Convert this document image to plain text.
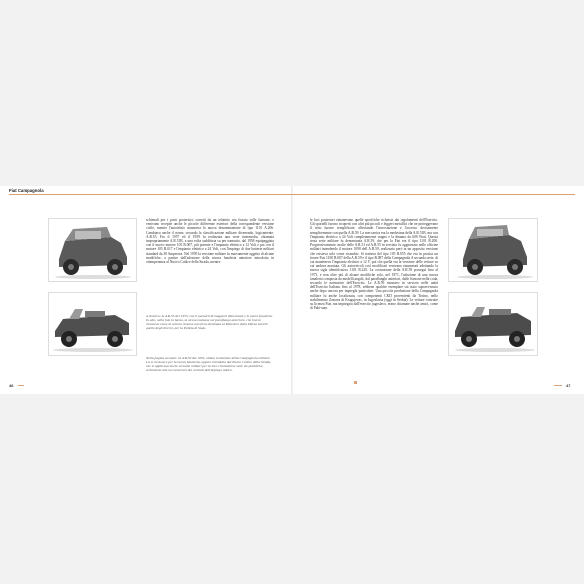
Fiat Campagnola

schienali per i posti posteriori; sorretti da un telaietto ora fissato sulle fiancate, e venivano recepite anche le piccole differenze esteriori della corrispondente versione civile, mentre l'autotelaio assumeva la nuova denominazione di tipo 1101 A.206. Cambiava anche il nome, secondo la classificazione militare divenendo, logicamente, A.R.55. Fra il 1957 ed il 1959 fu realizzata una serie intermedia, chiamata impropriamente A.R.51B, a una volta sudditizia su per tramutto, dal 1958 equipaggiata con il nuovo motore 105 B.007, più potente e l'impianto elettrico a 12 Volt e poi con il motore 105 B.017 e l'impianto elettrico a 24 Volt, con l'impiego di due batterie militari standard da 38 Amperora. Nel 1959 la versione militare fu nuovamente oggetto di alcune modifiche, a partire dall'adozione della nuova fanaleria anteriore introdotta in ottemperanza al Nuovo Codice della Strada, mentre

A sinistra: la A.R.55 del 1955, con il paraurti di maggiori dimensioni e le nuove fanaleria. In alto, nella foto in basso, la stessa montava sul paraflango anteriore, che invece rimaneva come la vettura rimesse non fosse destinata al Ministero della Difesa benché quelle degli Interni, per la Polizia di Stato.
Nella pagina accanto: la A.R.59 del 1959, ultima evoluzione della Campagnola militare. La si riconosce per la nuova fanaleria, oppure introdotta dal Nuovo Codice della Strada, che si applicava anche ai mezzi militari per la loro circolazione sulle vie pubbliche, seriamente alle luci anteriori dei centrali dell'impiego tattico.
46

le luci posteriori rimanevano quelle specifiche richieste dai regolamenti dell'Esercito. Gli sportelli furono ricoperti con altri più piccoli e leggeri metallici che ne proteggevano il tetto furono semplificate, alleviando l'incrostazione e l'accesso decisamente semplicemente con quella A.R.59. La meccanica era la medesima della A.R.51B, ma con l'impianto elettrico a 24 Volt completamente stagno e la dinamo da 600 Watt. Questa terza serie militare fu denominata A.R.59, che per la Fiat era il tipo 1101 B.200. Progressivamente, molte delle A.R.51 ed A.R.55 in servizio fu aggiornato nelle officine militari intendendo il motore 1098 dell A.R.59, realizzato però in un apposito versione che esisteva solo come ricambio. Si trattava del tipo 105 B.055 che era in pratica un fronte Fiat 1100 B.007 della A.R.59 e il tipo B.087 della Campagnola A seconda serie, di cui manteneva l'impianto elettrico a 12 V, poi che quella era la versione delle vetture su cui andava montata. Gli autoveicoli così modificati venivano rinumerati adottando la nuova sigla identificativa 1101 B.220. La costruzione della A.R.59 proseguì fino al 1973, e non oltre più di alcune modifiche solo, nel 1971, l'adozione di una nuova fanaleria composta da modelli angoli, dal paraflanghi anteriori, dalle fiancate nella coda, secondo le normative dell'Esercito. Le A.R.59 rimasero in servizio nelle unità dell'Esercito Italiano fino al 1978, sebbene qualche esemplare sia stato sopravvissuto anche dopo ancora per impieghi particolari. Una piccola produzione della Campagnola militare fu anche localizzata, con componenti CKD provenienti da Torino, nello stabilimento Zastava di Kragujevac, in Jugoslavia (oggi in Serbia). Le vetture costruite su licenza Fiat, ma impiegata dall'esercito jugoslavo, erano chiamate anche amici, come di Paki-stan.

47
